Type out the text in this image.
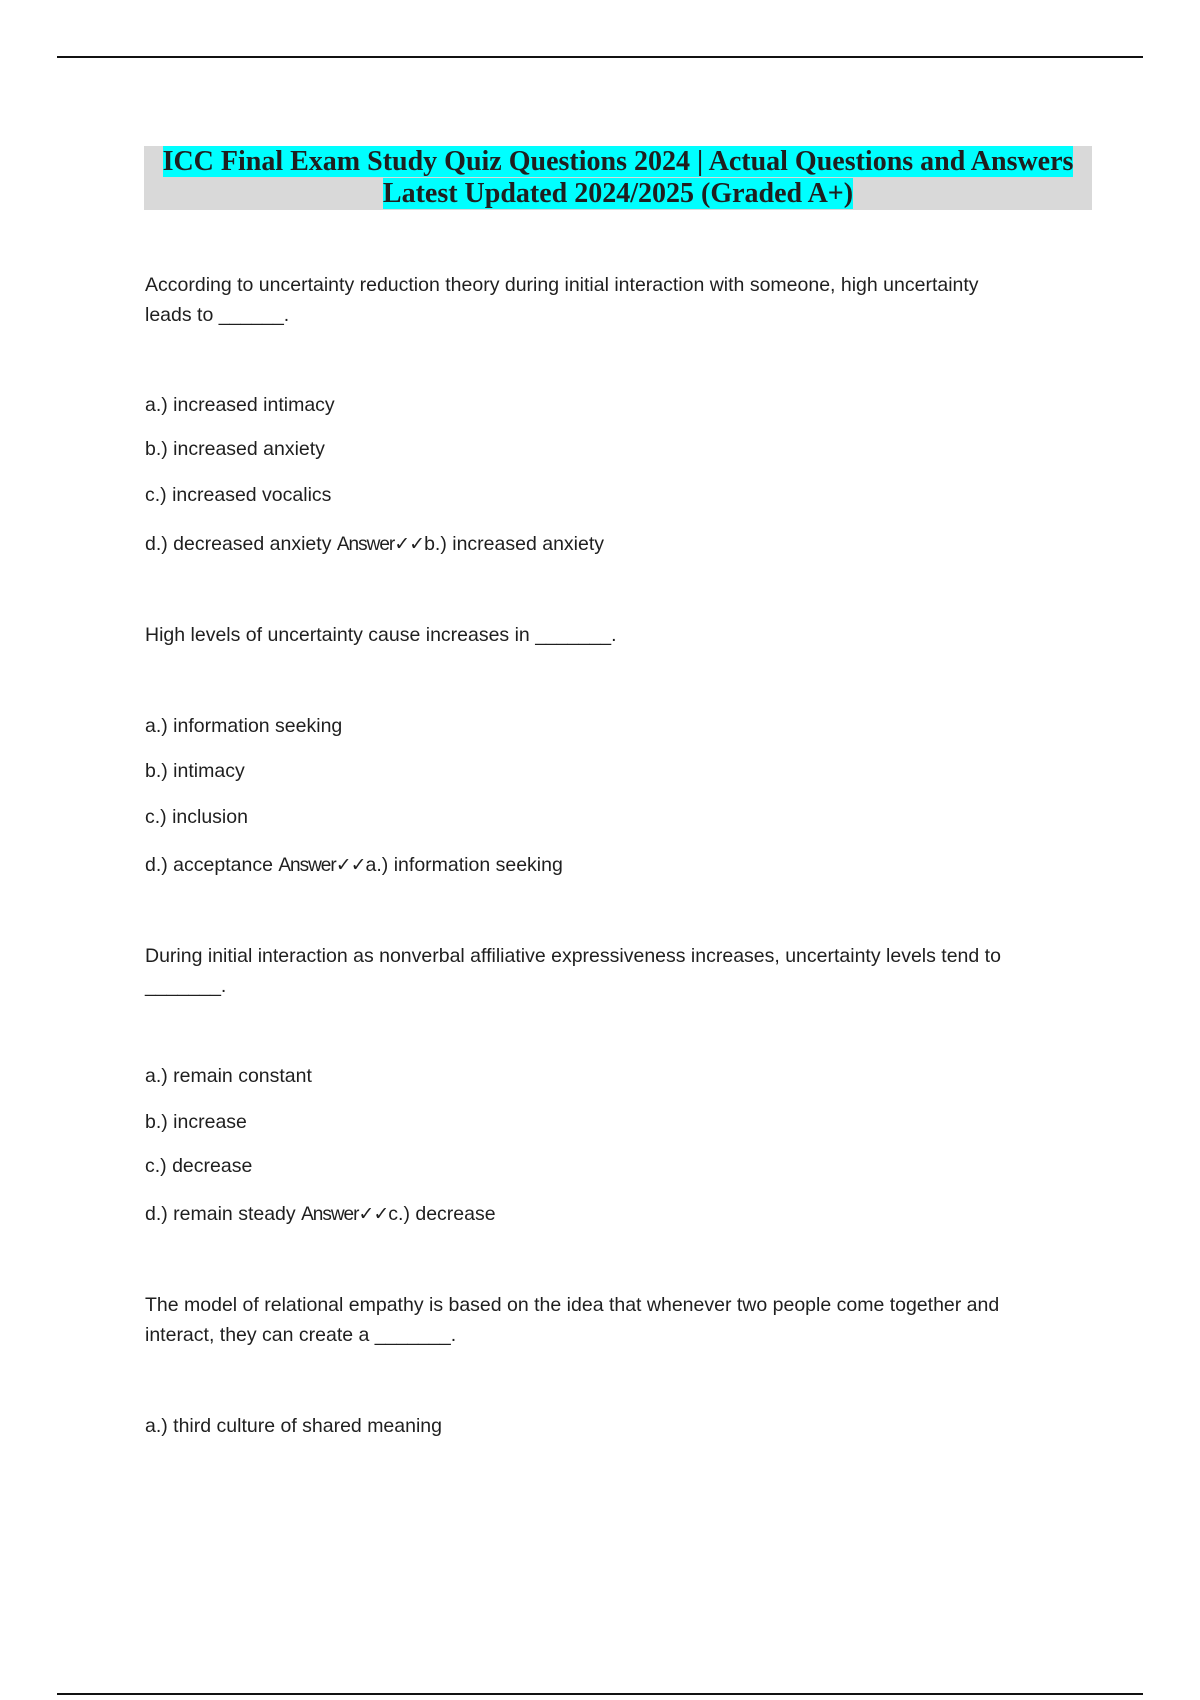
ICC Final Exam Study Quiz Questions 2024 | Actual Questions and Answers
Latest Updated 2024/2025 (Graded A+)
According to uncertainty reduction theory during initial interaction with someone, high uncertainty
leads to ______.
a.) increased intimacy
b.) increased anxiety
c.) increased vocalics
d.) decreased anxiety Answer✓✓b.) increased anxiety
High levels of uncertainty cause increases in _______.
a.) information seeking
b.) intimacy
c.) inclusion
d.) acceptance Answer✓✓a.) information seeking
During initial interaction as nonverbal affiliative expressiveness increases, uncertainty levels tend to
_______.
a.) remain constant
b.) increase
c.) decrease
d.) remain steady Answer✓✓c.) decrease
The model of relational empathy is based on the idea that whenever two people come together and
interact, they can create a _______.
a.) third culture of shared meaning
